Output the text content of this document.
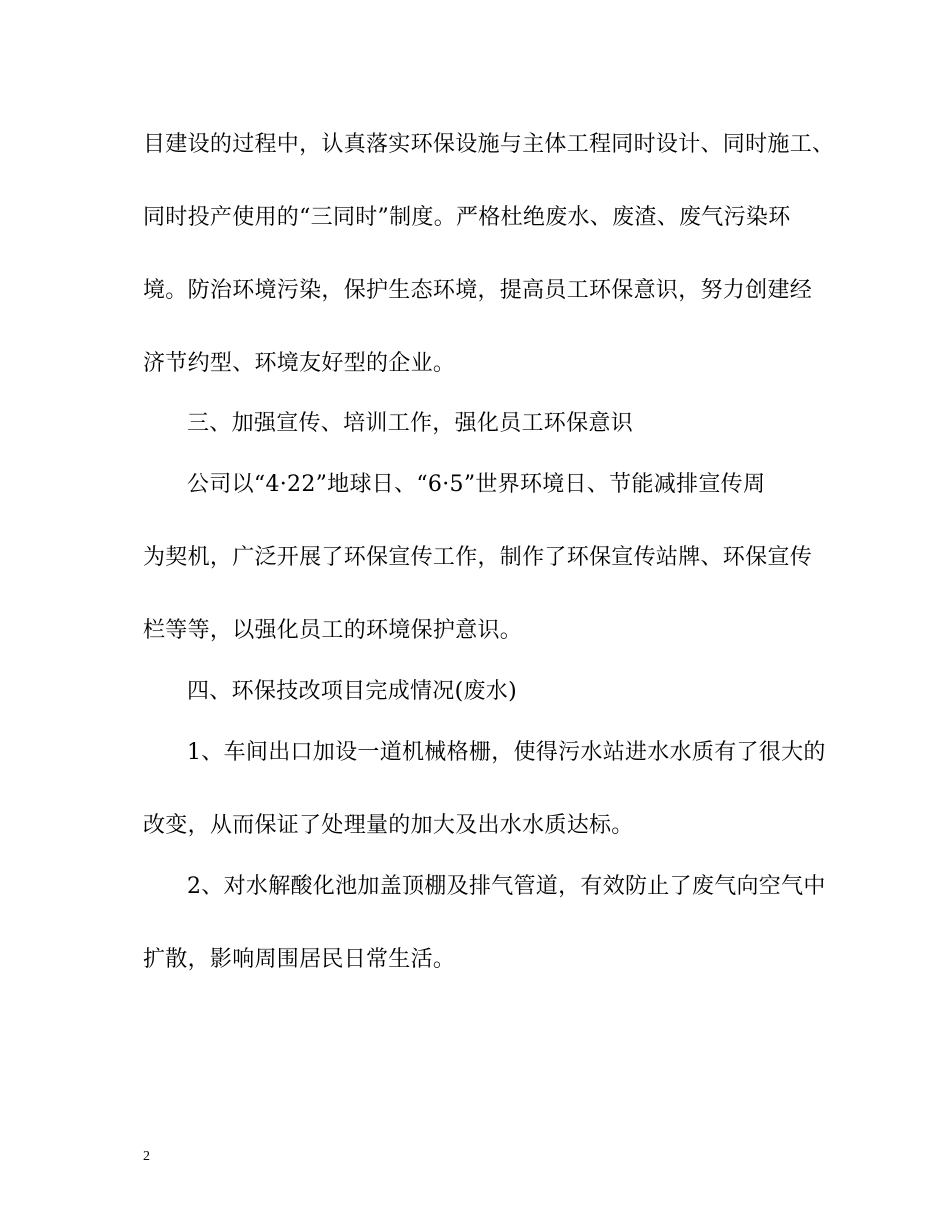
目建设的过程中，认真落实环保设施与主体工程同时设计、同时施工、
同时投产使用的“三同时”制度。严格杜绝废水、废渣、废气污染环
境。防治环境污染，保护生态环境，提高员工环保意识，努力创建经
济节约型、环境友好型的企业。
三、加强宣传、培训工作，强化员工环保意识
公司以“4·22”地球日、“6·5”世界环境日、节能减排宣传周
为契机，广泛开展了环保宣传工作，制作了环保宣传站牌、环保宣传
栏等等，以强化员工的环境保护意识。
四、环保技改项目完成情况(废水)
1、车间出口加设一道机械格栅，使得污水站进水水质有了很大的
改变，从而保证了处理量的加大及出水水质达标。
2、对水解酸化池加盖顶棚及排气管道，有效防止了废气向空气中
扩散，影响周围居民日常生活。
2
